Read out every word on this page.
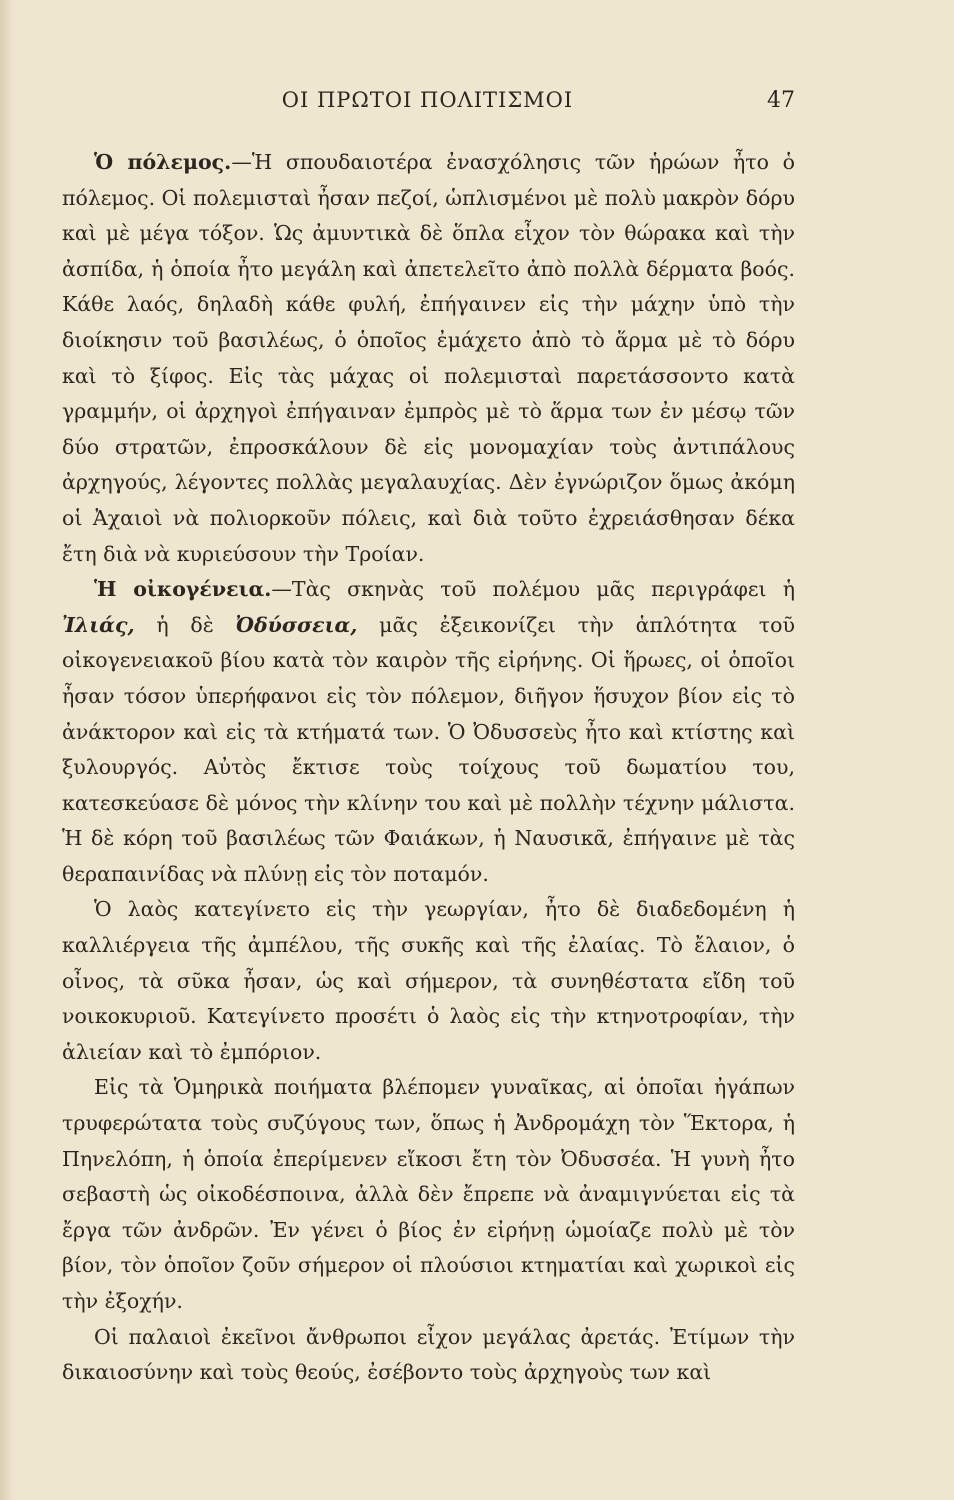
ΟΙ ΠΡΩΤΟΙ ΠΟΛΙΤΙΣΜΟΙ	47

Ὁ πόλεμος.—Ἡ σπουδαιοτέρα ἐνασχόλησις τῶν ἡρώων ἦτο ὁ πόλεμος. Οἱ πολεμισταὶ ἦσαν πεζοί, ὡπλισμένοι μὲ πολὺ μακρὸν δόρυ καὶ μὲ μέγα τόξον. Ὡς ἀμυντικὰ δὲ ὅπλα εἶχον τὸν θώρακα καὶ τὴν ἀσπίδα, ἡ ὁποία ἦτο μεγάλη καὶ ἀπετελεῖτο ἀπὸ πολλὰ δέρματα βοός. Κάθε λαός, δηλαδὴ κάθε φυλή, ἐπήγαινεν εἰς τὴν μάχην ὑπὸ τὴν διοίκησιν τοῦ βασιλέως, ὁ ὁποῖος ἐμάχετο ἀπὸ τὸ ἅρμα μὲ τὸ δόρυ καὶ τὸ ξίφος. Εἰς τὰς μάχας οἱ πολεμισταὶ παρετάσσοντο κατὰ γραμμήν, οἱ ἀρχηγοὶ ἐπήγαιναν ἐμπρὸς μὲ τὸ ἅρμα των ἐν μέσῳ τῶν δύο στρατῶν, ἐπροσκάλουν δὲ εἰς μονομαχίαν τοὺς ἀντιπάλους ἀρχηγούς, λέγοντες πολλὰς μεγαλαυχίας. Δὲν ἐγνώριζον ὅμως ἀκόμη οἱ Ἀχαιοὶ νὰ πολιορκοῦν πόλεις, καὶ διὰ τοῦτο ἐχρειάσθησαν δέκα ἔτη διὰ νὰ κυριεύσουν τὴν Τροίαν.

Ἡ οἰκογένεια.—Τὰς σκηνὰς τοῦ πολέμου μᾶς περιγράφει ἡ Ἰλιάς, ἡ δὲ Ὀδύσσεια, μᾶς ἐξεικονίζει τὴν ἁπλότητα τοῦ οἰκογενειακοῦ βίου κατὰ τὸν καιρὸν τῆς εἰρήνης. Οἱ ἥρωες, οἱ ὁποῖοι ἦσαν τόσον ὑπερήφανοι εἰς τὸν πόλεμον, διῆγον ἥσυχον βίον εἰς τὸ ἀνάκτορον καὶ εἰς τὰ κτήματά των. Ὁ Ὀδυσσεὺς ἦτο καὶ κτίστης καὶ ξυλουργός. Αὐτὸς ἔκτισε τοὺς τοίχους τοῦ δωματίου του, κατεσκεύασε δὲ μόνος τὴν κλίνην του καὶ μὲ πολλὴν τέχνην μάλιστα. Ἡ δὲ κόρη τοῦ βασιλέως τῶν Φαιάκων, ἡ Ναυσικᾶ, ἐπήγαινε μὲ τὰς θεραπαινίδας νὰ πλύνῃ εἰς τὸν ποταμόν.

Ὁ λαὸς κατεγίνετο εἰς τὴν γεωργίαν, ἦτο δὲ διαδεδομένη ἡ καλλιέργεια τῆς ἀμπέλου, τῆς συκῆς καὶ τῆς ἐλαίας. Τὸ ἔλαιον, ὁ οἶνος, τὰ σῦκα ἦσαν, ὡς καὶ σήμερον, τὰ συνηθέστατα εἴδη τοῦ νοικοκυριοῦ. Κατεγίνετο προσέτι ὁ λαὸς εἰς τὴν κτηνοτροφίαν, τὴν ἁλιείαν καὶ τὸ ἐμπόριον.

Εἰς τὰ Ὁμηρικὰ ποιήματα βλέπομεν γυναῖκας, αἱ ὁποῖαι ἠγάπων τρυφερώτατα τοὺς συζύγους των, ὅπως ἡ Ἀνδρομάχη τὸν Ἕκτορα, ἡ Πηνελόπη, ἡ ὁποία ἐπερίμενεν εἴκοσι ἔτη τὸν Ὀδυσσέα. Ἡ γυνὴ ἦτο σεβαστὴ ὡς οἰκοδέσποινα, ἀλλὰ δὲν ἔπρεπε νὰ ἀναμιγνύεται εἰς τὰ ἔργα τῶν ἀνδρῶν. Ἐν γένει ὁ βίος ἐν εἰρήνῃ ὡμοίαζε πολὺ μὲ τὸν βίον, τὸν ὁποῖον ζοῦν σήμερον οἱ πλούσιοι κτηματίαι καὶ χωρικοὶ εἰς τὴν ἐξοχήν.

Οἱ παλαιοὶ ἐκεῖνοι ἄνθρωποι εἶχον μεγάλας ἀρετάς. Ἐτίμων τὴν δικαιοσύνην καὶ τοὺς θεούς, ἐσέβοντο τοὺς ἀρχηγοὺς των καὶ
